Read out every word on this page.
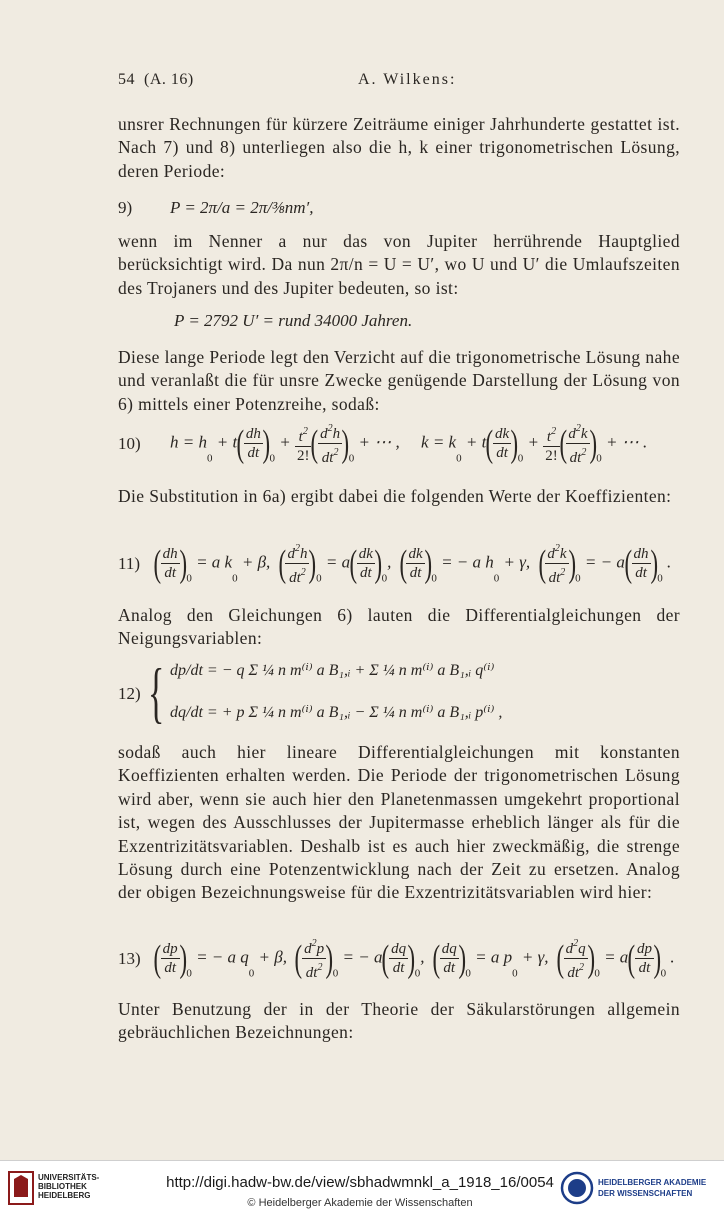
54 (A. 16)	A. Wilkens:
unsrer Rechnungen für kürzere Zeiträume einiger Jahrhunderte gestattet ist. Nach 7) und 8) unterliegen also die h, k einer trigonometrischen Lösung, deren Periode:
9) P = 2π/a = 2π/⅜nm′,
wenn im Nenner a nur das von Jupiter herrührende Hauptglied berücksichtigt wird. Da nun 2π/n = U = U′, wo U und U′ die Umlaufszeiten des Trojaners und des Jupiter bedeuten, so ist:
P = 2792 U′ = rund 34000 Jahren.
Diese lange Periode legt den Verzicht auf die trigonometrische Lösung nahe und veranlaßt die für unsre Zwecke genügende Darstellung der Lösung von 6) mittels einer Potenzreihe, sodaß:
10) $h = h_0 + t( \frac{dh}{dt} )_0 + \frac{t^2}{2!}$ ( $\frac{d^2h}{dt^2} )_0$ + ⋯ ,     $k = k_0 + t( \frac{dk}{dt} )_0 + \frac{t^2}{2!}$ ( $\frac{d^2k}{dt^2} )_0$ + ⋯ .
Die Substitution in 6a) ergibt dabei die folgenden Werte der Koeffizienten:
11) ( $\frac{dh}{dt} )_0 = a$ $k_0 + \beta$,  ( $\frac{d^2h}{dt^2} )_0 = a( \frac{dk}{dt} )_0$,  ( $\frac{dk}{dt} )_0$ = − a $h_0 + \gamma$,  ( $\frac{d^2k}{dt^2} )_0$ = − $a( \frac{dh}{dt} )_0$ .
Analog den Gleichungen 6) lauten die Differentialgleichungen der Neigungsvariablen:
12) { dp/dt = − q Σ ¼ n m⁽ⁱ⁾ a B₁,ᵢ + Σ ¼ n m⁽ⁱ⁾ a B₁,ᵢ q⁽ⁱ⁾
dq/dt = + p Σ ¼ n m⁽ⁱ⁾ a B₁,ᵢ − Σ ¼ n m⁽ⁱ⁾ a B₁,ᵢ p⁽ⁱ⁾ ,
sodaß auch hier lineare Differentialgleichungen mit konstanten Koeffizienten erhalten werden. Die Periode der trigonometrischen Lösung wird aber, wenn sie auch hier den Planetenmassen umgekehrt proportional ist, wegen des Ausschlusses der Jupitermasse erheblich länger als für die Exzentrizitätsvariablen. Deshalb ist es auch hier zweckmäßig, die strenge Lösung durch eine Potenzentwicklung nach der Zeit zu ersetzen. Analog der obigen Bezeichnungsweise für die Exzentrizitätsvariablen wird hier:
13) ( $\frac{dp}{dt} )_0$ = − a $q_0 + \beta$,  ( $\frac{d^2p}{dt^2} )_0$ = − $a( \frac{dq}{dt} )_0$,  ( $\frac{dq}{dt} )_0 = a$ $p_0 + \gamma$,  ( $\frac{d^2q}{dt^2} )_0 = a( \frac{dp}{dt} )_0$ .
Unter Benutzung der in der Theorie der Säkularstörungen allgemein gebräuchlichen Bezeichnungen:
UNIVERSITÄTS- BIBLIOTHEK HEIDELBERG
http://digi.hadw-bw.de/view/sbhadwmnkl_a_1918_16/0054
© Heidelberger Akademie der Wissenschaften
HEIDELBERGER AKADEMIE DER WISSENSCHAFTEN
